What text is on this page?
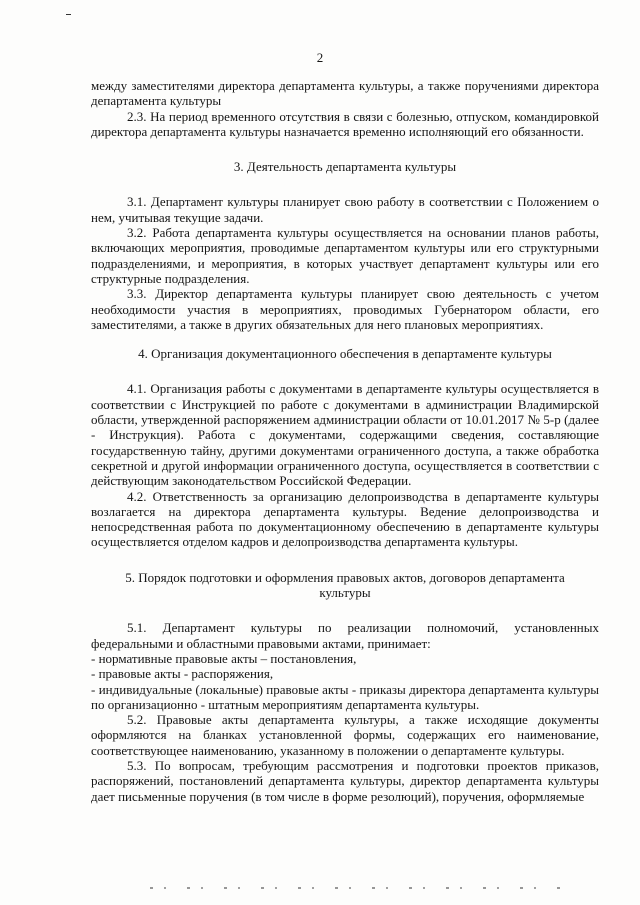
2

между заместителями директора департамента культуры, а также поручениями директора департамента культуры

2.3. На период временного отсутствия в связи с болезнью, отпуском, командировкой директора департамента культуры назначается временно исполняющий его обязанности.

3. Деятельность департамента культуры

3.1. Департамент культуры планирует свою работу в соответствии с Положением о нем, учитывая текущие задачи.

3.2. Работа департамента культуры осуществляется на основании планов работы, включающих мероприятия, проводимые департаментом культуры или его структурными подразделениями, и мероприятия, в которых участвует департамент культуры или его структурные подразделения.

3.3. Директор департамента культуры планирует свою деятельность с учетом необходимости участия в мероприятиях, проводимых Губернатором области, его заместителями, а также в других обязательных для него плановых мероприятиях.

4. Организация документационного обеспечения в департаменте культуры

4.1. Организация работы с документами в департаменте культуры осуществляется в соответствии с Инструкцией по работе с документами в администрации Владимирской области, утвержденной распоряжением администрации области от 10.01.2017 № 5-р (далее - Инструкция). Работа с документами, содержащими сведения, составляющие государственную тайну, другими документами ограниченного доступа, а также обработка секретной и другой информации ограниченного доступа, осуществляется в соответствии с действующим законодательством Российской Федерации.

4.2. Ответственность за организацию делопроизводства в департаменте культуры возлагается на директора департамента культуры. Ведение делопроизводства и непосредственная работа по документационному обеспечению в департаменте культуры осуществляется отделом кадров и делопроизводства департамента культуры.

5. Порядок подготовки и оформления правовых актов, договоров департамента

культуры

5.1. Департамент культуры по реализации полномочий, установленных федеральными и областными правовыми актами, принимает:

- нормативные правовые акты – постановления,

- правовые акты - распоряжения,

- индивидуальные (локальные) правовые акты - приказы директора департамента культуры по организационно - штатным мероприятиям департамента культуры.

5.2. Правовые акты департамента культуры, а также исходящие документы оформляются на бланках установленной формы, содержащих его наименование, соответствующее наименованию, указанному в положении о департаменте культуры.

5.3. По вопросам, требующим рассмотрения и подготовки проектов приказов, распоряжений, постановлений департамента культуры, директор департамента культуры дает письменные поручения (в том числе в форме резолюций), поручения, оформляемые
